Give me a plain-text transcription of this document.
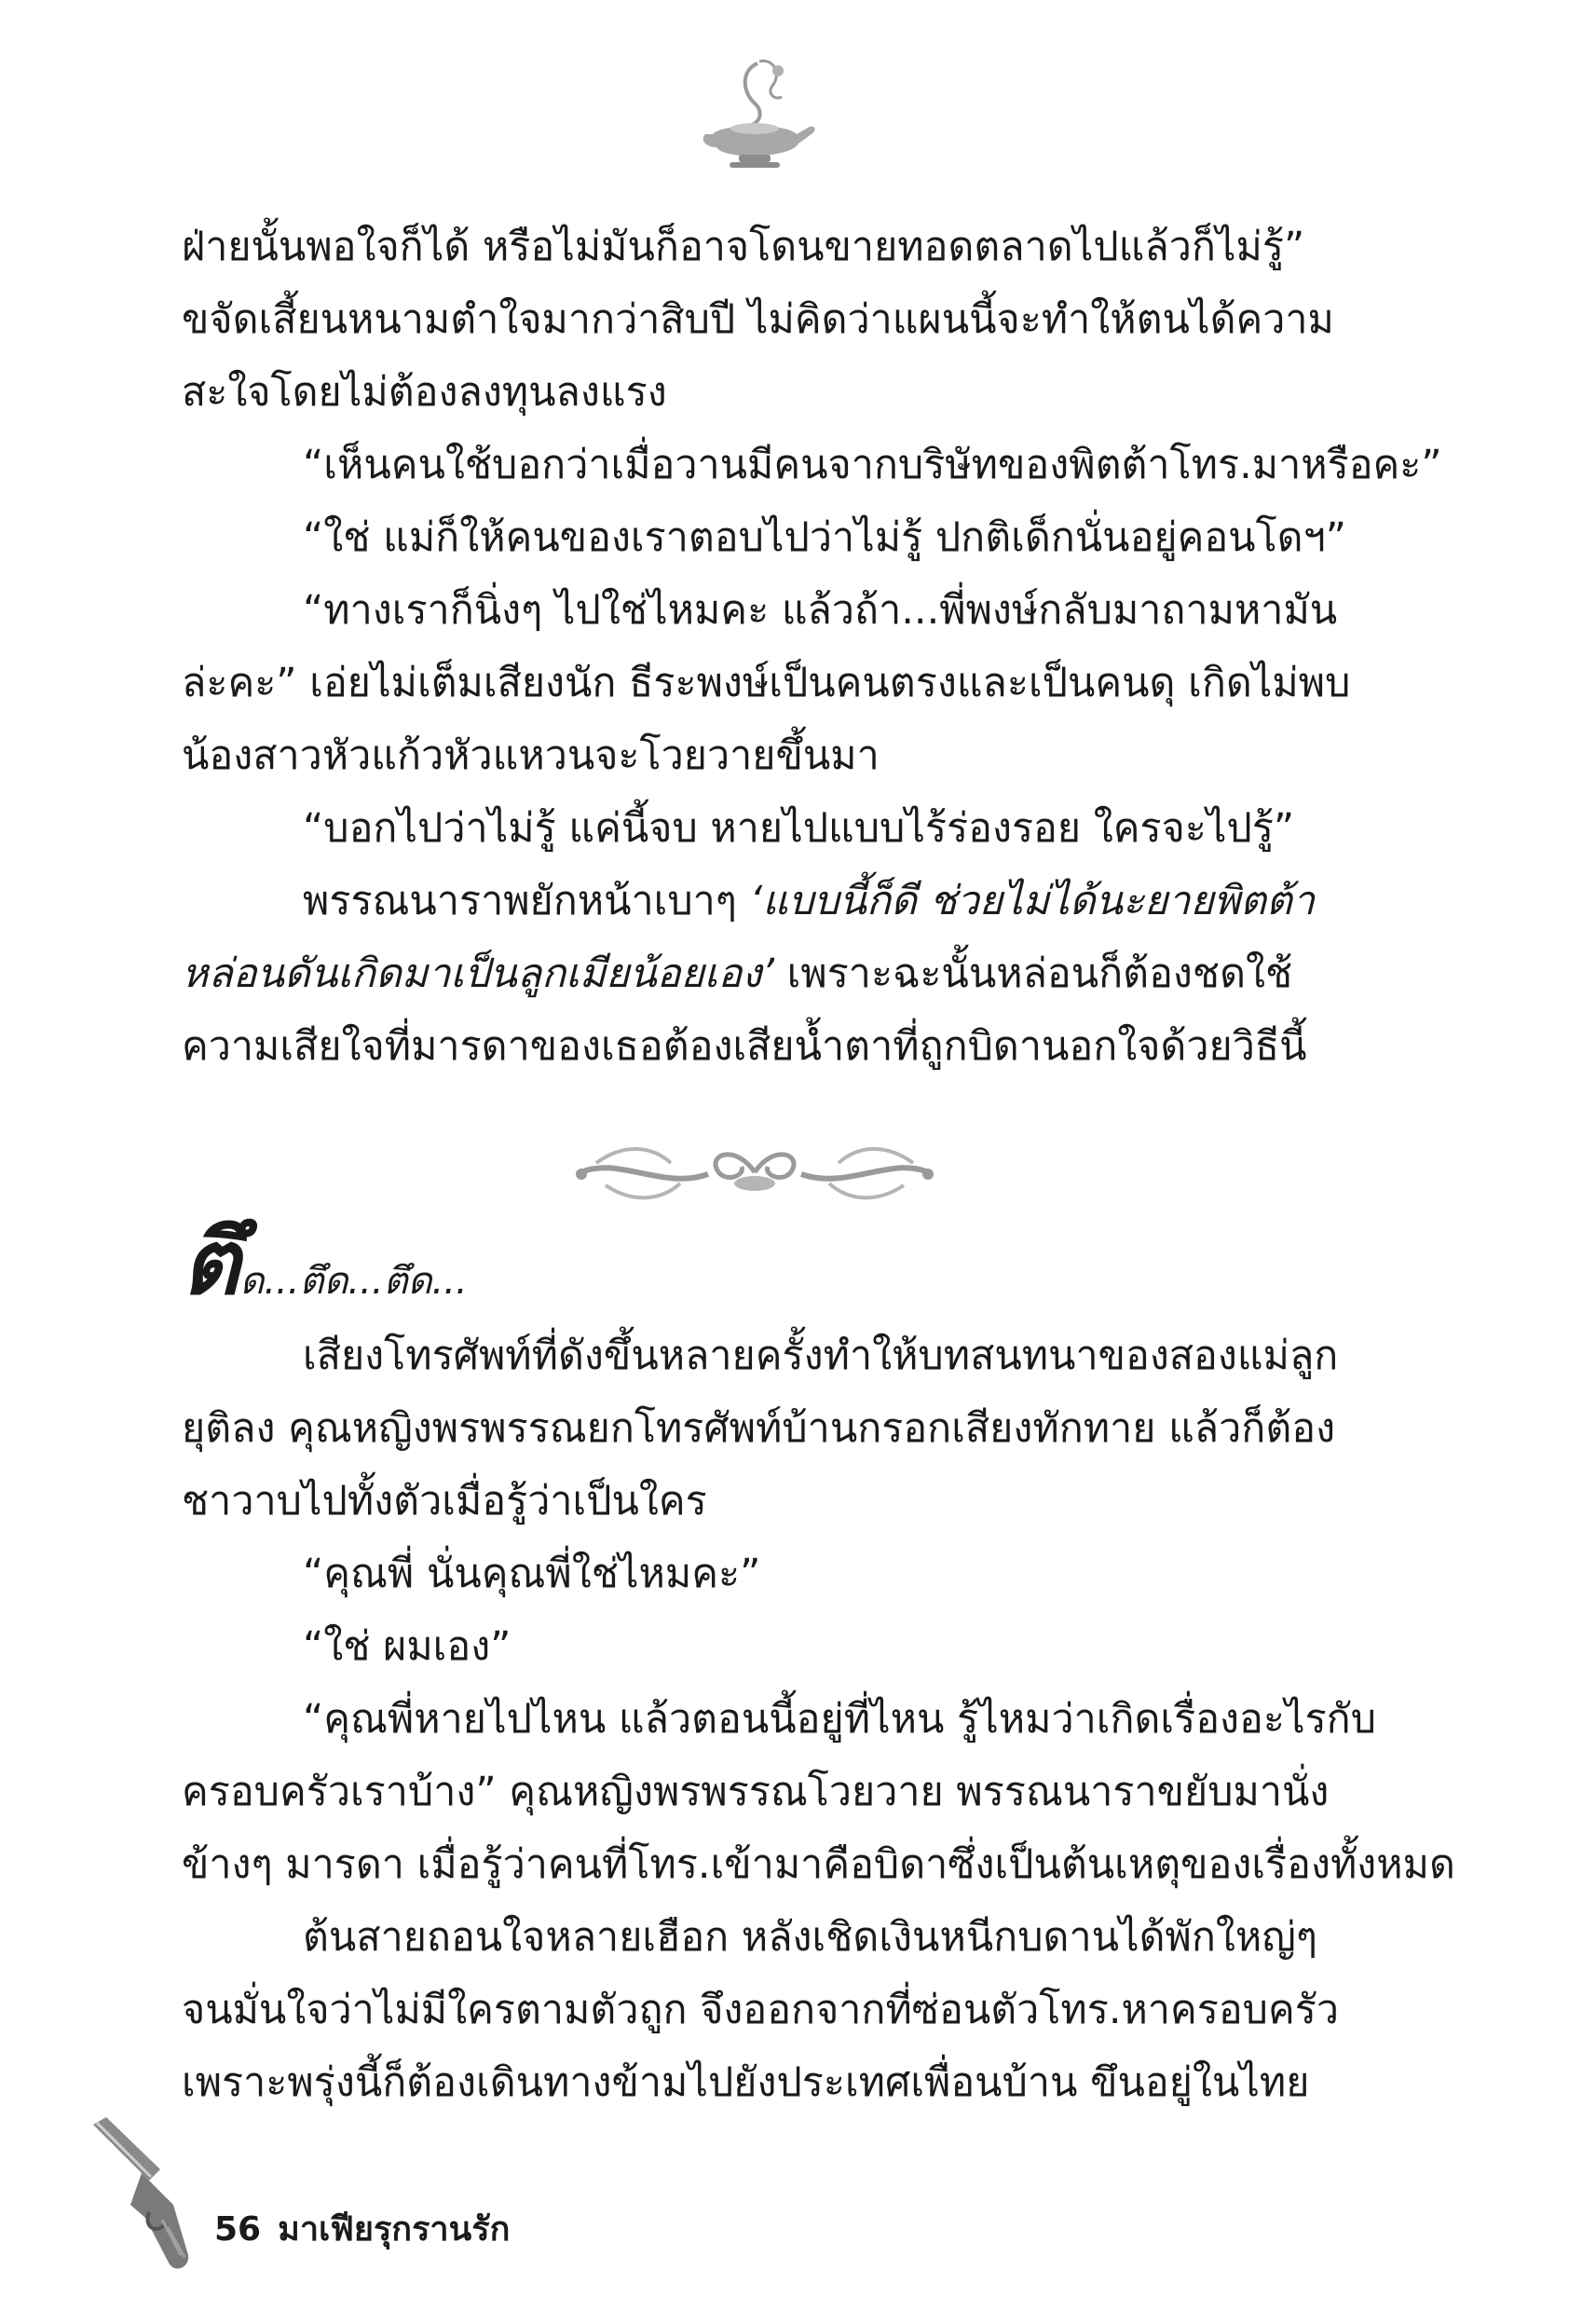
ฝ่ายนั้นพอใจก็ได้ หรือไม่มันก็อาจโดนขายทอดตลาดไปแล้วก็ไม่รู้”
ขจัดเสี้ยนหนามตำใจมากว่าสิบปี ไม่คิดว่าแผนนี้จะทำให้ตนได้ความ
สะใจโดยไม่ต้องลงทุนลงแรง
“เห็นคนใช้บอกว่าเมื่อวานมีคนจากบริษัทของพิตต้าโทร.มาหรือคะ”
“ใช่ แม่ก็ให้คนของเราตอบไปว่าไม่รู้ ปกติเด็กนั่นอยู่คอนโดฯ”
“ทางเราก็นิ่งๆ ไปใช่ไหมคะ แล้วถ้า...พี่พงษ์กลับมาถามหามัน
ล่ะคะ” เอ่ยไม่เต็มเสียงนัก ธีระพงษ์เป็นคนตรงและเป็นคนดุ เกิดไม่พบ
น้องสาวหัวแก้วหัวแหวนจะโวยวายขึ้นมา
“บอกไปว่าไม่รู้ แค่นี้จบ หายไปแบบไร้ร่องรอย ใครจะไปรู้”
พรรณนาราพยักหน้าเบาๆ ‘แบบนี้ก็ดี ช่วยไม่ได้นะยายพิตต้า
หล่อนดันเกิดมาเป็นลูกเมียน้อยเอง’ เพราะฉะนั้นหล่อนก็ต้องชดใช้
ความเสียใจที่มารดาของเธอต้องเสียน้ำตาที่ถูกบิดานอกใจด้วยวิธีนี้
ตึด...ตึด...ตึด...
เสียงโทรศัพท์ที่ดังขึ้นหลายครั้งทำให้บทสนทนาของสองแม่ลูก
ยุติลง คุณหญิงพรพรรณยกโทรศัพท์บ้านกรอกเสียงทักทาย แล้วก็ต้อง
ชาวาบไปทั้งตัวเมื่อรู้ว่าเป็นใคร
“คุณพี่ นั่นคุณพี่ใช่ไหมคะ”
“ใช่ ผมเอง”
“คุณพี่หายไปไหน แล้วตอนนี้อยู่ที่ไหน รู้ไหมว่าเกิดเรื่องอะไรกับ
ครอบครัวเราบ้าง” คุณหญิงพรพรรณโวยวาย พรรณนาราขยับมานั่ง
ข้างๆ มารดา เมื่อรู้ว่าคนที่โทร.เข้ามาคือบิดาซึ่งเป็นต้นเหตุของเรื่องทั้งหมด
ต้นสายถอนใจหลายเฮือก หลังเชิดเงินหนีกบดานได้พักใหญ่ๆ
จนมั่นใจว่าไม่มีใครตามตัวถูก จึงออกจากที่ซ่อนตัวโทร.หาครอบครัว
เพราะพรุ่งนี้ก็ต้องเดินทางข้ามไปยังประเทศเพื่อนบ้าน ขึนอยู่ในไทย
56 มาเฟียรุกรานรัก
